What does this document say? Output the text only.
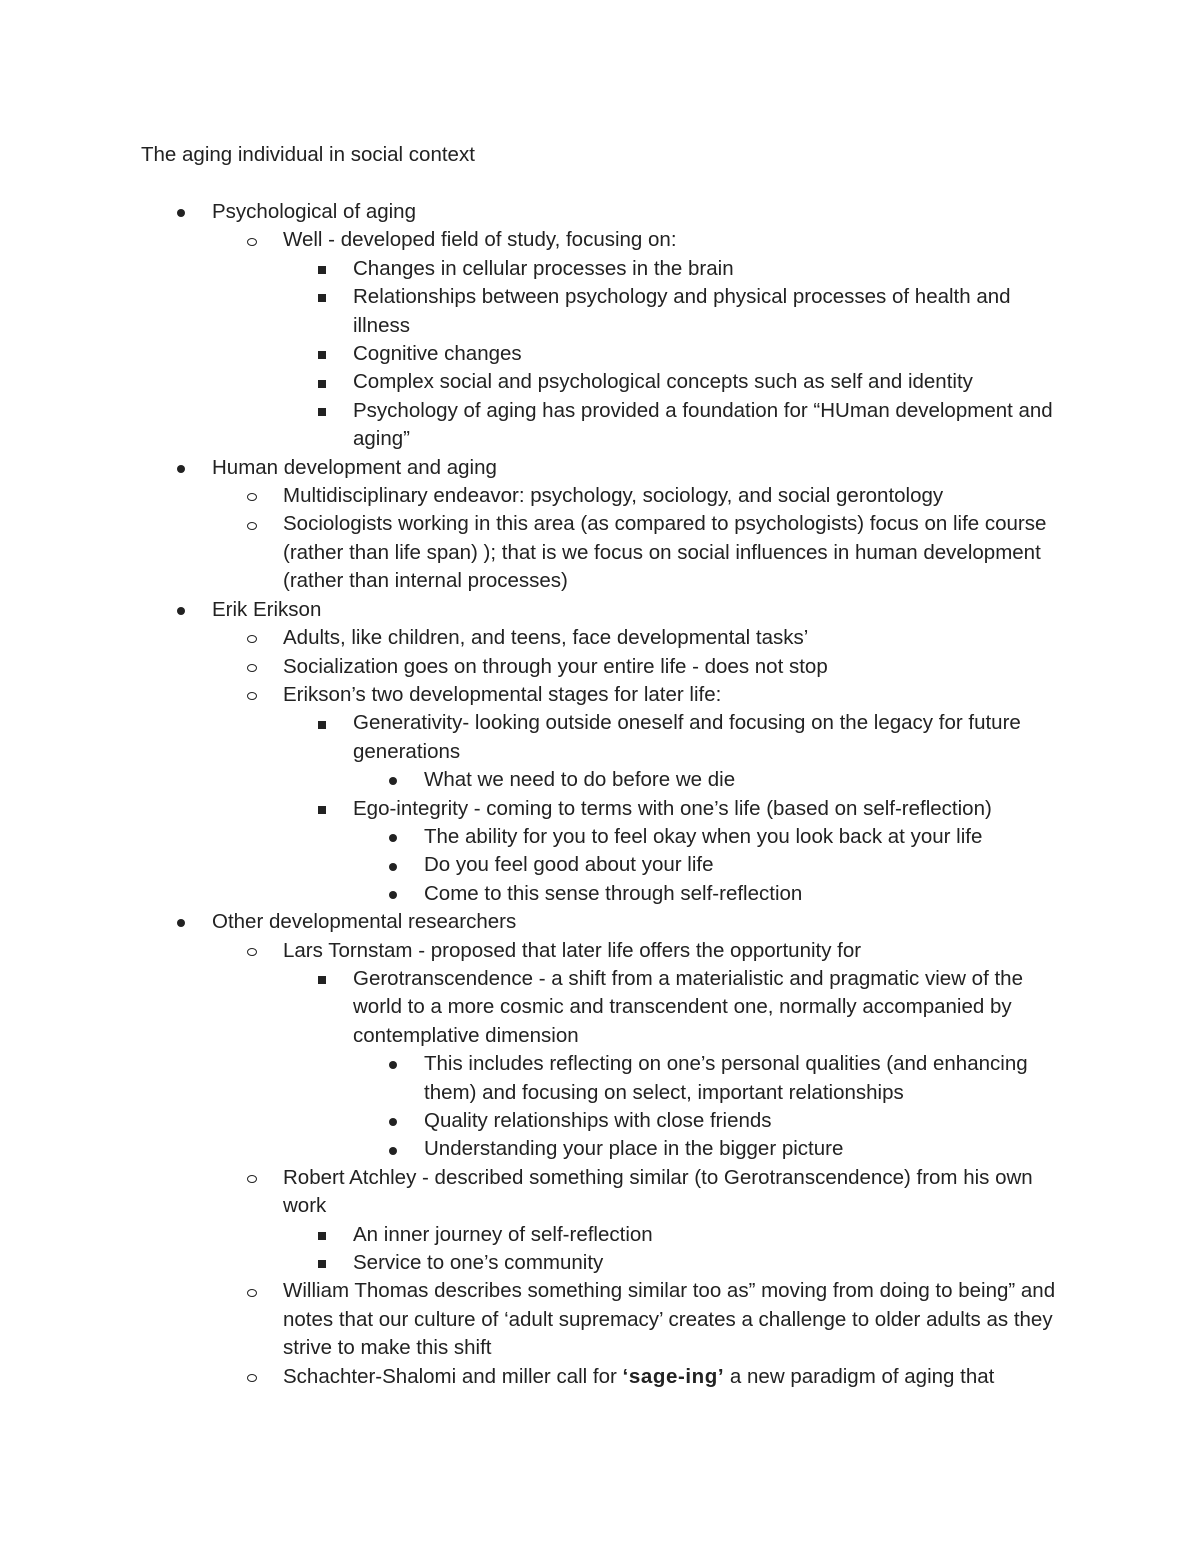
The aging individual in social context
Psychological of aging
Well - developed field of study, focusing on:
Changes in cellular processes in the brain
Relationships between psychology and physical processes of health and illness
Cognitive changes
Complex social and psychological concepts such as self and identity
Psychology of aging has provided a foundation for “HUman development and aging”
Human development and aging
Multidisciplinary endeavor: psychology, sociology, and social gerontology
Sociologists working in this area (as compared to psychologists) focus on life course (rather than life span) ); that is we focus on social influences in human development (rather than internal processes)
Erik Erikson
Adults, like children, and teens, face developmental tasks’
Socialization goes on through your entire life - does not stop
Erikson’s two developmental stages for later life:
Generativity- looking outside oneself and focusing on the legacy for future generations
What we need to do before we die
Ego-integrity - coming to terms with one’s life (based on self-reflection)
The ability for you to feel okay when you look back at your life
Do you feel good about your life
Come to this sense through self-reflection
Other developmental researchers
Lars Tornstam - proposed that later life offers the opportunity for
Gerotranscendence - a shift from a materialistic and pragmatic view of the world to a more cosmic and transcendent one, normally accompanied by contemplative dimension
This includes reflecting on one’s personal qualities (and enhancing them) and focusing on select, important relationships
Quality relationships with close friends
Understanding your place in the bigger picture
Robert Atchley - described something similar (to Gerotranscendence) from his own work
An inner journey of self-reflection
Service to one’s community
William Thomas describes something similar too as” moving from doing to being” and notes that our culture of ‘adult supremacy’ creates a challenge to older adults as they strive to make this shift
Schachter-Shalomi and miller call for ‘sage-ing’ a new paradigm of aging that
